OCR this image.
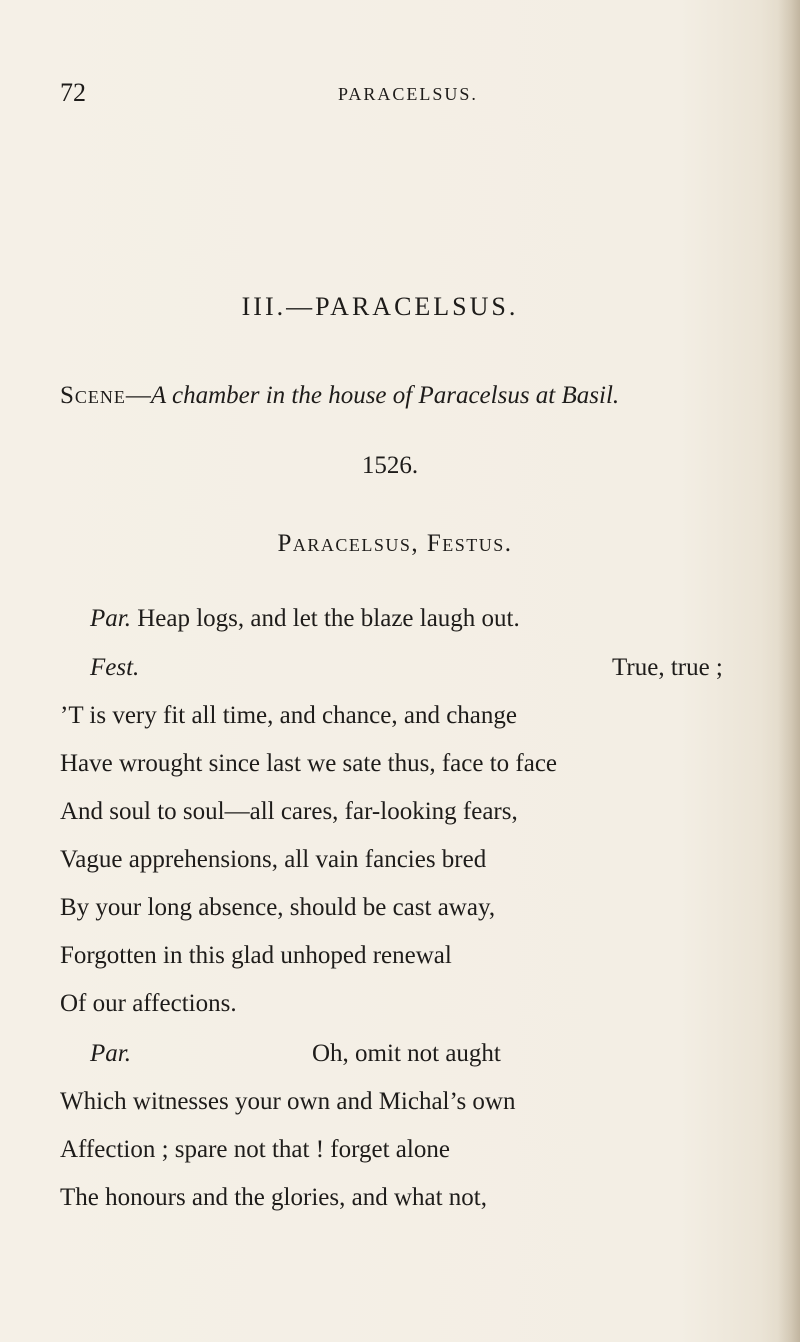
72	PARACELSUS.
III.—PARACELSUS.
Scene—A chamber in the house of Paracelsus at Basil.
1526.
Paracelsus, Festus.
Par. Heap logs, and let the blaze laugh out.
Fest.	True, true ;
’T is very fit all time, and chance, and change
Have wrought since last we sate thus, face to face
And soul to soul—all cares, far-looking fears,
Vague apprehensions, all vain fancies bred
By your long absence, should be cast away,
Forgotten in this glad unhoped renewal
Of our affections.
Par.	Oh, omit not aught
Which witnesses your own and Michal’s own
Affection ; spare not that ! forget alone
The honours and the glories, and what not,
